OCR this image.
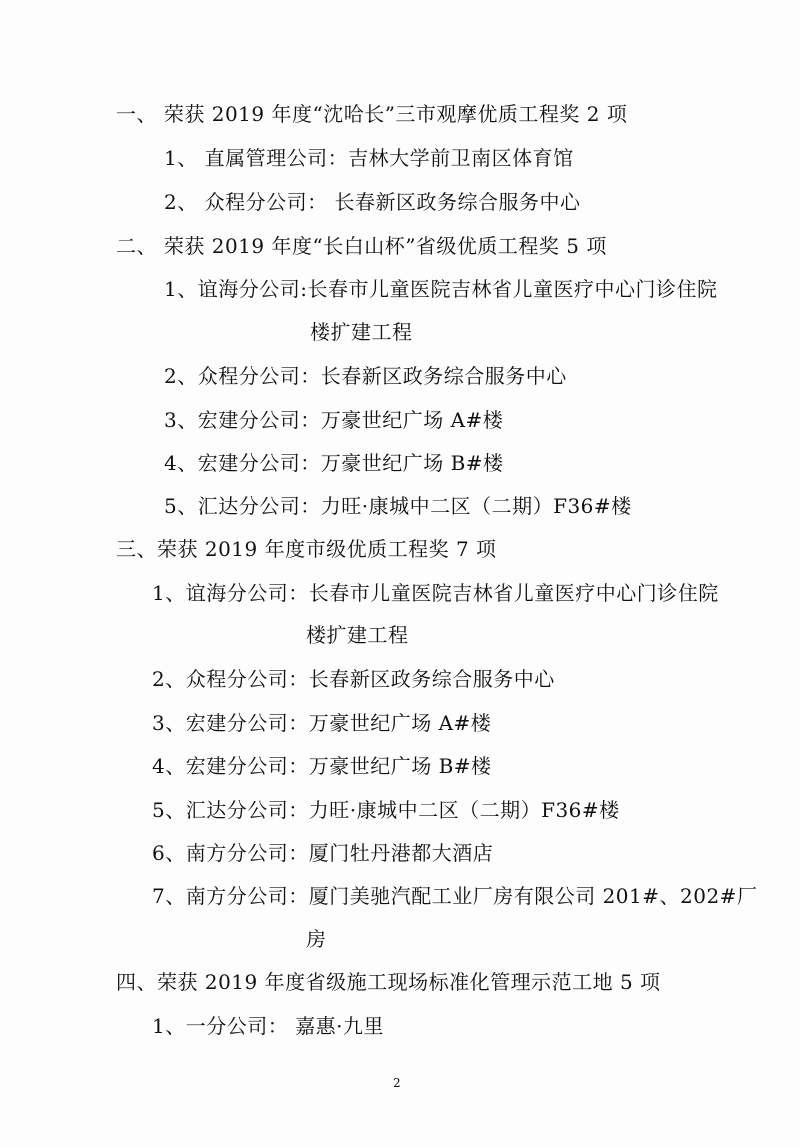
一、 荣获 2019 年度“沈哈长”三市观摩优质工程奖 2 项
1、 直属管理公司：吉林大学前卫南区体育馆
2、 众程分公司： 长春新区政务综合服务中心
二、 荣获 2019 年度“长白山杯”省级优质工程奖 5 项
1、谊海分公司:长春市儿童医院吉林省儿童医疗中心门诊住院
楼扩建工程
2、众程分公司：长春新区政务综合服务中心
3、宏建分公司：万豪世纪广场 A#楼
4、宏建分公司：万豪世纪广场 B#楼
5、汇达分公司：力旺·康城中二区（二期）F36#楼
三、荣获 2019 年度市级优质工程奖 7 项
1、谊海分公司：长春市儿童医院吉林省儿童医疗中心门诊住院
楼扩建工程
2、众程分公司：长春新区政务综合服务中心
3、宏建分公司：万豪世纪广场 A#楼
4、宏建分公司：万豪世纪广场 B#楼
5、汇达分公司：力旺·康城中二区（二期）F36#楼
6、南方分公司：厦门牡丹港都大酒店
7、南方分公司：厦门美驰汽配工业厂房有限公司 201#、202#厂
房
四、荣获 2019 年度省级施工现场标准化管理示范工地 5 项
1、一分公司： 嘉惠·九里
2
